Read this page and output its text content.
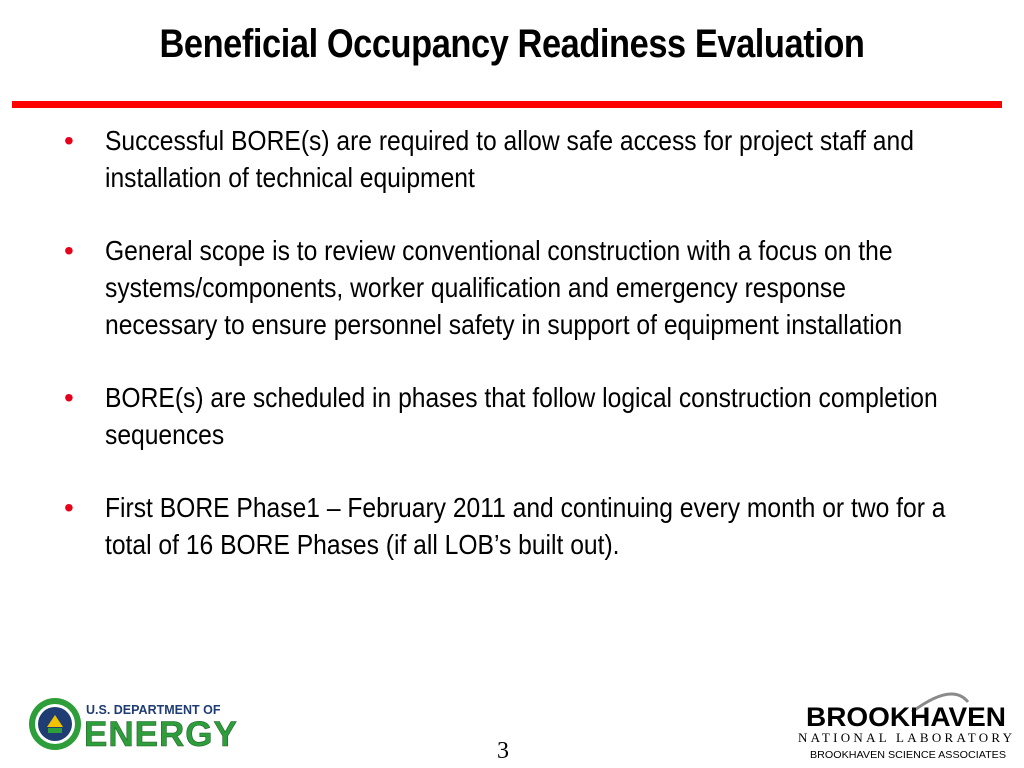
Beneficial Occupancy Readiness Evaluation
• Successful BORE(s) are required to allow safe access for project staff and installation of technical equipment
• General scope is to review conventional construction with a focus on the systems/components, worker qualification and emergency response necessary to ensure personnel safety in support of equipment installation
• BORE(s) are scheduled in phases that follow logical construction completion sequences
• First BORE Phase1 – February 2011 and continuing every month or two for a total of 16 BORE Phases (if all LOB’s built out).
U.S. DEPARTMENT OF
ENERGY	3
BROOKHAVEN
NATIONAL LABORATORY
BROOKHAVEN SCIENCE ASSOCIATES
